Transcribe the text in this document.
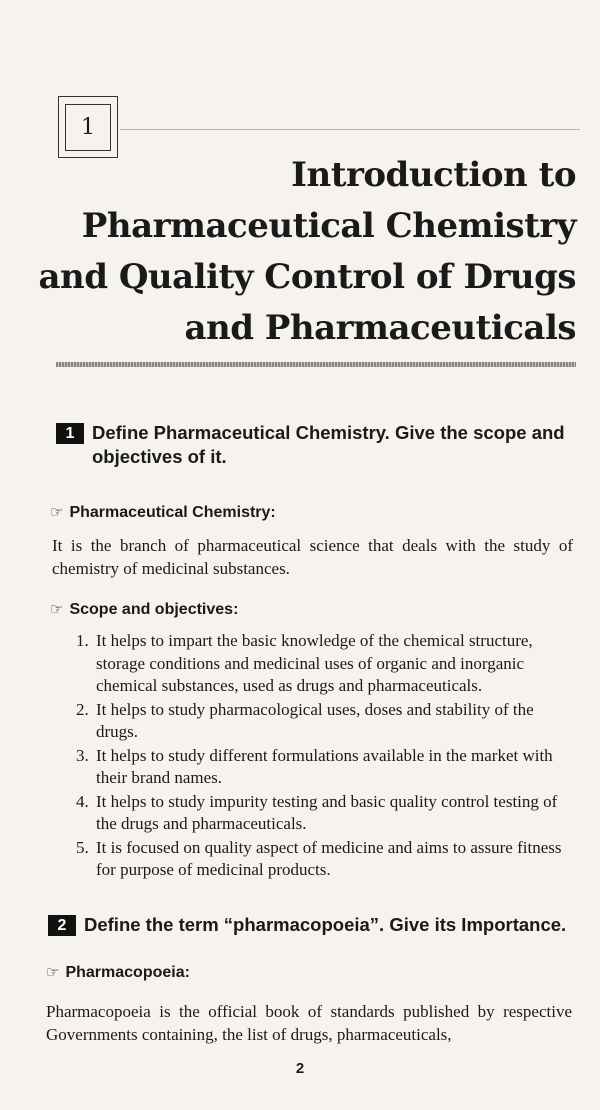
1
Introduction to
Pharmaceutical Chemistry
and Quality Control of Drugs
and Pharmaceuticals
1 Define Pharmaceutical Chemistry. Give the scope and
objectives of it.
☞ Pharmaceutical Chemistry:
It is the branch of pharmaceutical science that deals with the study of chemistry of medicinal substances.
☞ Scope and objectives:
1. It helps to impart the basic knowledge of the chemical structure, storage conditions and medicinal uses of organic and inorganic chemical substances, used as drugs and pharmaceuticals.
2. It helps to study pharmacological uses, doses and stability of the drugs.
3. It helps to study different formulations available in the market with their brand names.
4. It helps to study impurity testing and basic quality control testing of the drugs and pharmaceuticals.
5. It is focused on quality aspect of medicine and aims to assure fitness for purpose of medicinal products.
2 Define the term “pharmacopoeia”. Give its Importance.
☞ Pharmacopoeia:
Pharmacopoeia is the official book of standards published by respective Governments containing, the list of drugs, pharmaceuticals,
2
